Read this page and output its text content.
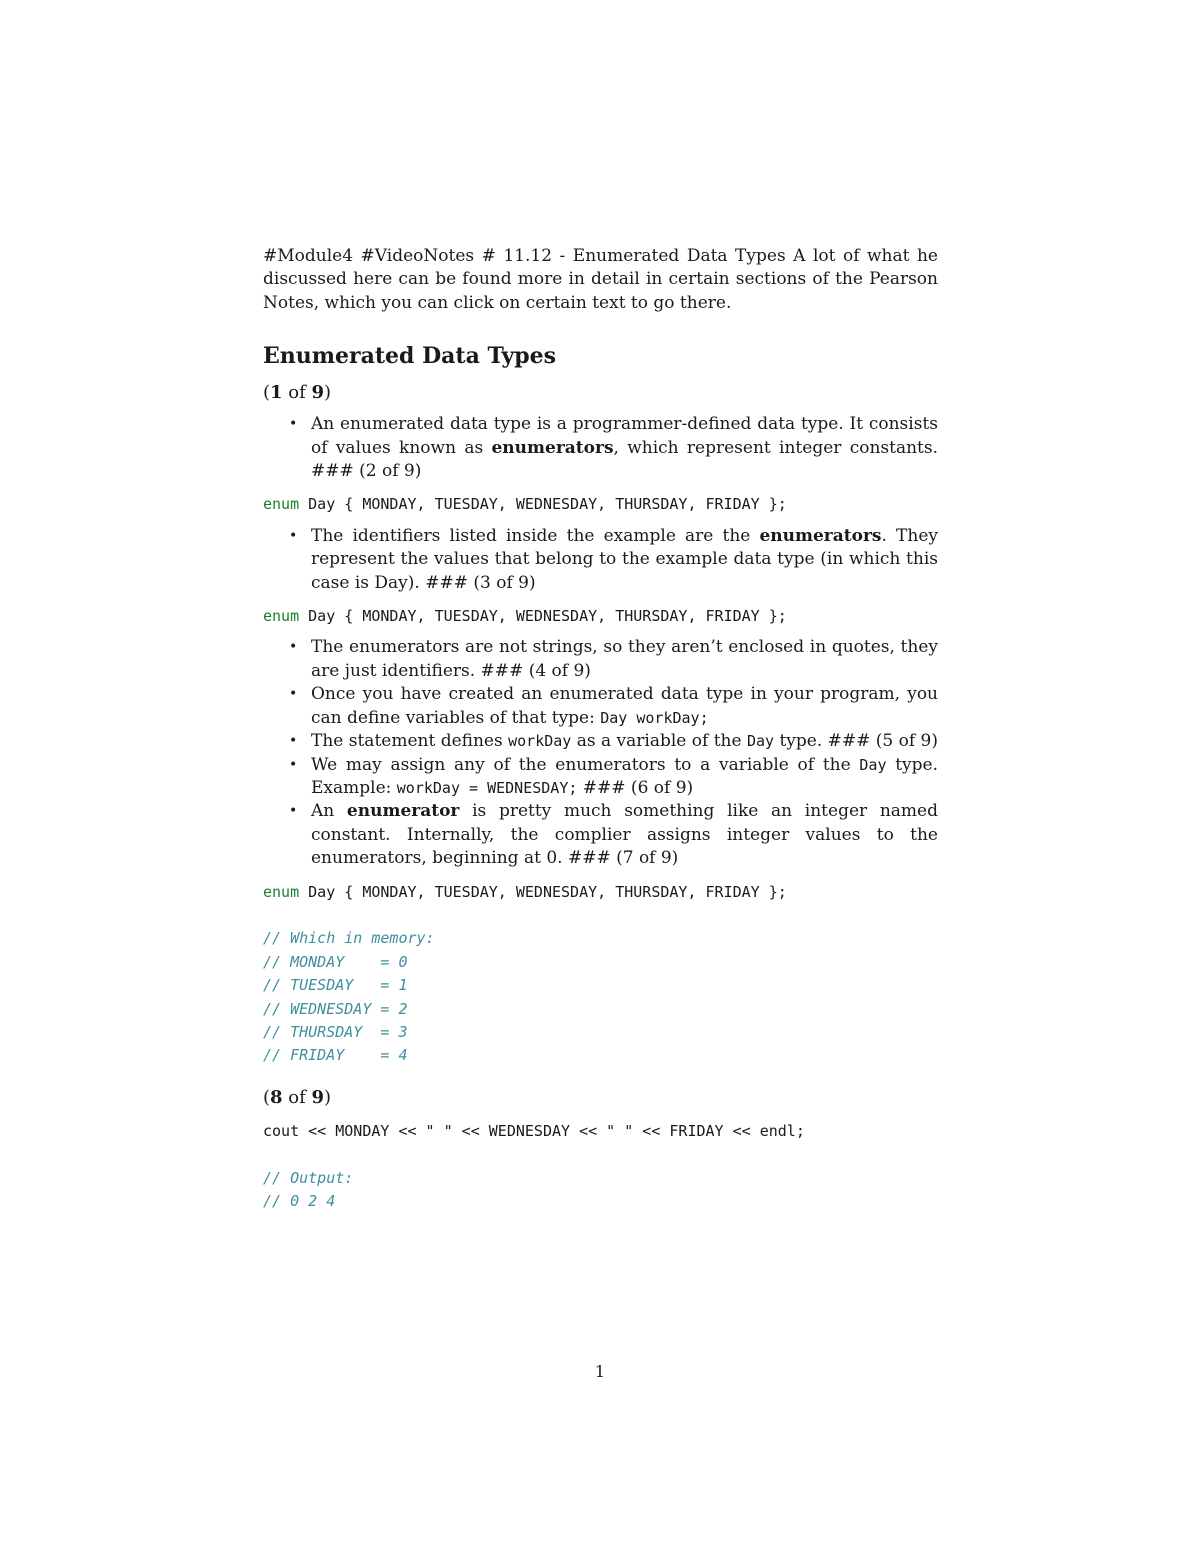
#Module4 #VideoNotes # 11.12 - Enumerated Data Types A lot of what he discussed here can be found more in detail in certain sections of the Pearson Notes, which you can click on certain text to go there.

Enumerated Data Types

(1 of 9)

• An enumerated data type is a programmer-defined data type. It consists of values known as enumerators, which represent integer constants. ### (2 of 9)
enum Day { MONDAY, TUESDAY, WEDNESDAY, THURSDAY, FRIDAY };
• The identifiers listed inside the example are the enumerators. They represent the values that belong to the example data type (in which this case is Day). ### (3 of 9)
enum Day { MONDAY, TUESDAY, WEDNESDAY, THURSDAY, FRIDAY };
• The enumerators are not strings, so they aren’t enclosed in quotes, they are just identifiers. ### (4 of 9)
• Once you have created an enumerated data type in your program, you can define variables of that type: Day workDay;
• The statement defines workDay as a variable of the Day type. ### (5 of 9)
• We may assign any of the enumerators to a variable of the Day type. Example: workDay = WEDNESDAY; ### (6 of 9)
• An enumerator is pretty much something like an integer named constant. Internally, the complier assigns integer values to the enumerators, beginning at 0. ### (7 of 9)
enum Day { MONDAY, TUESDAY, WEDNESDAY, THURSDAY, FRIDAY };

// Which in memory:
// MONDAY    = 0
// TUESDAY   = 1
// WEDNESDAY = 2
// THURSDAY  = 3
// FRIDAY    = 4

(8 of 9)

cout << MONDAY << " " << WEDNESDAY << " " << FRIDAY << endl;

// Output:
// 0 2 4
1
